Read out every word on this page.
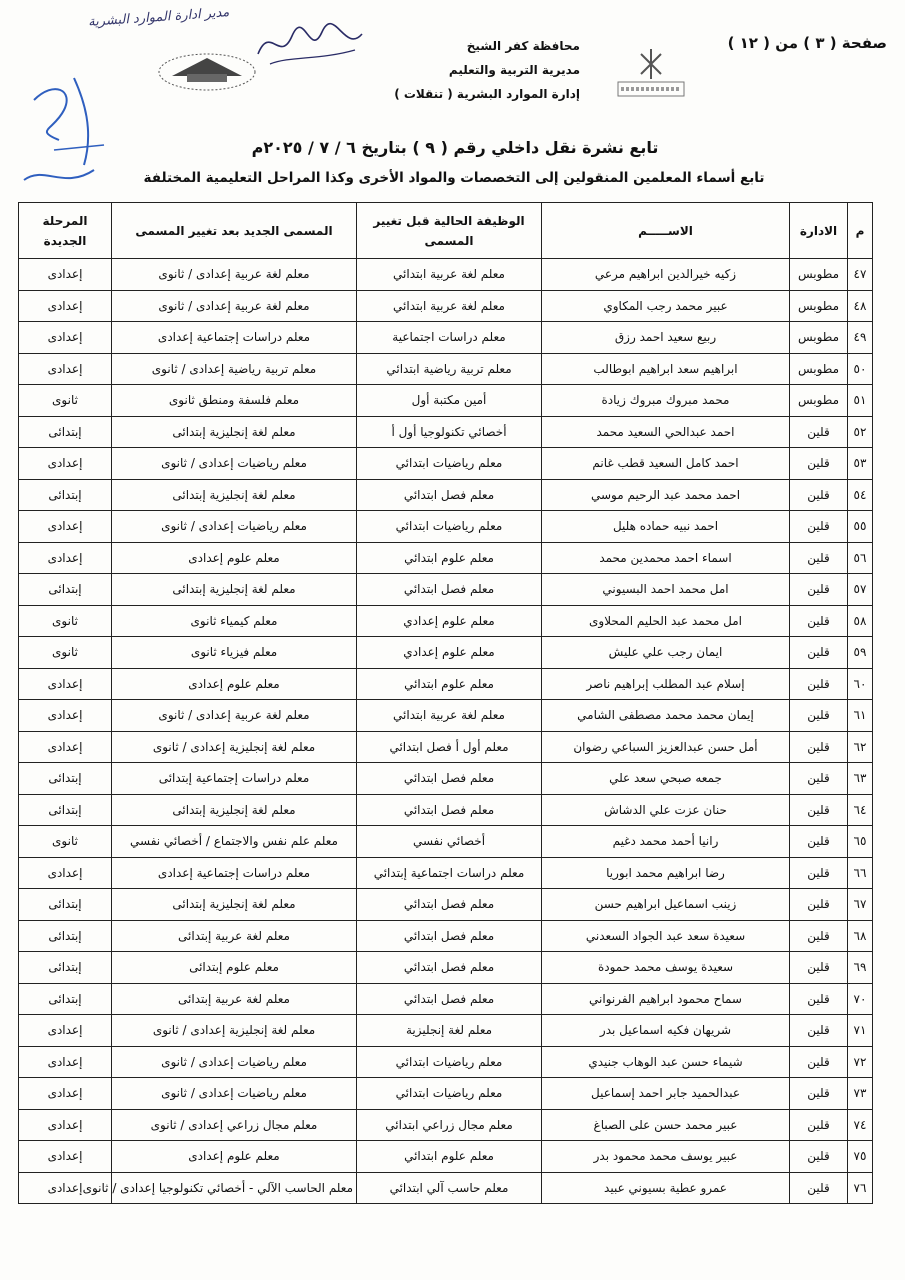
مدير ادارة الموارد البشرية
محافظة كفر الشيخ
مديرية التربية والتعليم
إدارة الموارد البشرية ( تنقلات )
صفحة ( ٣ ) من ( ١٢ )
تابع نشرة نقل داخلي رقم ( ٩ ) بتاريخ ٦ / ٧ / ٢٠٢٥م
تابع أسماء المعلمين المنقولين إلى التخصصات والمواد الأخرى وكذا المراحل التعليمية المختلفة
م	الادارة	الاســـــم	الوظيفة الحالية قبل تغيير المسمى	المسمى الجديد بعد تغيير المسمى	المرحلة الجديدة
٤٧	مطوبس	زكيه خيرالدين ابراهيم مرعي	معلم لغة عربية ابتدائي	معلم لغة عربية إعدادى / ثانوى	إعدادى
٤٨	مطوبس	عبير محمد رجب المكاوي	معلم لغة عربية ابتدائي	معلم لغة عربية إعدادى / ثانوى	إعدادى
٤٩	مطوبس	ربيع سعيد احمد رزق	معلم دراسات اجتماعية	معلم دراسات إجتماعية إعدادى	إعدادى
٥٠	مطوبس	ابراهيم سعد ابراهيم ابوطالب	معلم تربية رياضية ابتدائي	معلم تربية رياضية إعدادى / ثانوى	إعدادى
٥١	مطوبس	محمد مبروك مبروك زيادة	أمين مكتبة أول	معلم فلسفة ومنطق ثانوى	ثانوى
٥٢	قلين	احمد عبدالحي السعيد محمد	أخصائي تكنولوجيا أول أ	معلم لغة إنجليزية إبتدائى	إبتدائى
٥٣	قلين	احمد كامل السعيد قطب غانم	معلم رياضيات ابتدائي	معلم رياضيات إعدادى / ثانوى	إعدادى
٥٤	قلين	احمد محمد عبد الرحيم موسي	معلم فصل ابتدائي	معلم لغة إنجليزية إبتدائى	إبتدائى
٥٥	قلين	احمد نبيه حماده هليل	معلم رياضيات ابتدائي	معلم رياضيات إعدادى / ثانوى	إعدادى
٥٦	قلين	اسماء احمد محمدين محمد	معلم علوم ابتدائي	معلم علوم إعدادى	إعدادى
٥٧	قلين	امل محمد احمد البسيوني	معلم فصل ابتدائي	معلم لغة إنجليزية إبتدائى	إبتدائى
٥٨	قلين	امل محمد عبد الحليم المحلاوى	معلم علوم إعدادي	معلم كيمياء ثانوى	ثانوى
٥٩	قلين	ايمان رجب علي عليش	معلم علوم إعدادي	معلم فيزياء ثانوى	ثانوى
٦٠	قلين	إسلام عبد المطلب إبراهيم ناصر	معلم علوم ابتدائي	معلم علوم إعدادى	إعدادى
٦١	قلين	إيمان محمد محمد مصطفى الشامي	معلم لغة عربية ابتدائي	معلم لغة عربية إعدادى / ثانوى	إعدادى
٦٢	قلين	أمل حسن عبدالعزيز السباعي رضوان	معلم أول أ فصل ابتدائي	معلم لغة إنجليزية إعدادى / ثانوى	إعدادى
٦٣	قلين	جمعه صبحي سعد علي	معلم فصل ابتدائي	معلم دراسات إجتماعية إبتدائى	إبتدائى
٦٤	قلين	حنان عزت علي الدشاش	معلم فصل ابتدائي	معلم لغة إنجليزية إبتدائى	إبتدائى
٦٥	قلين	رانيا أحمد محمد دغيم	أخصائي نفسي	معلم علم نفس والاجتماع / أخصائي نفسي	ثانوى
٦٦	قلين	رضا ابراهيم محمد ابوريا	معلم دراسات اجتماعية إبتدائي	معلم دراسات إجتماعية إعدادى	إعدادى
٦٧	قلين	زينب اسماعيل ابراهيم حسن	معلم فصل ابتدائي	معلم لغة إنجليزية إبتدائى	إبتدائى
٦٨	قلين	سعيدة سعد عبد الجواد السعدني	معلم فصل ابتدائي	معلم لغة عربية إبتدائى	إبتدائى
٦٩	قلين	سعيدة يوسف محمد حمودة	معلم فصل ابتدائي	معلم علوم إبتدائى	إبتدائى
٧٠	قلين	سماح محمود ابراهيم الفرنواني	معلم فصل ابتدائي	معلم لغة عربية إبتدائى	إبتدائى
٧١	قلين	شريهان فكيه اسماعيل بدر	معلم لغة إنجليزية	معلم لغة إنجليزية إعدادى / ثانوى	إعدادى
٧٢	قلين	شيماء حسن عبد الوهاب جنيدي	معلم رياضيات ابتدائي	معلم رياضيات إعدادى / ثانوى	إعدادى
٧٣	قلين	عبدالحميد جابر احمد إسماعيل	معلم رياضيات ابتدائي	معلم رياضيات إعدادى / ثانوى	إعدادى
٧٤	قلين	عبير محمد حسن على الصباغ	معلم مجال زراعي ابتدائي	معلم مجال زراعي إعدادى / ثانوى	إعدادى
٧٥	قلين	عبير يوسف محمد محمود بدر	معلم علوم ابتدائي	معلم علوم إعدادى	إعدادى
٧٦	قلين	عمرو عطية بسيوني عبيد	معلم حاسب آلي ابتدائي	معلم الحاسب الآلي - أخصائي تكنولوجيا إعدادى / ثانوى	إعدادى
